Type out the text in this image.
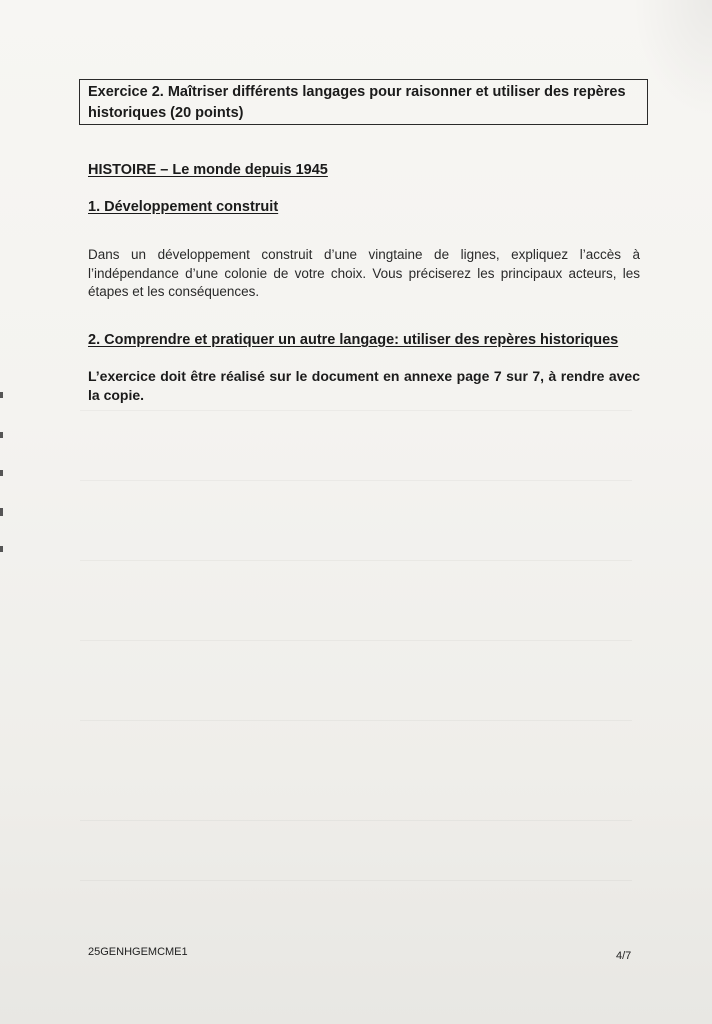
Exercice 2. Maîtriser différents langages pour raisonner et utiliser des repères historiques (20 points)
HISTOIRE – Le monde depuis 1945
1. Développement construit
Dans un développement construit d’une vingtaine de lignes, expliquez l’accès à l’indépendance d’une colonie de votre choix. Vous préciserez les principaux acteurs, les étapes et les conséquences.
2. Comprendre et pratiquer un autre langage: utiliser des repères historiques
L’exercice doit être réalisé sur le document en annexe page 7 sur 7, à rendre avec la copie.
25GENHGEMCME1	4/7
